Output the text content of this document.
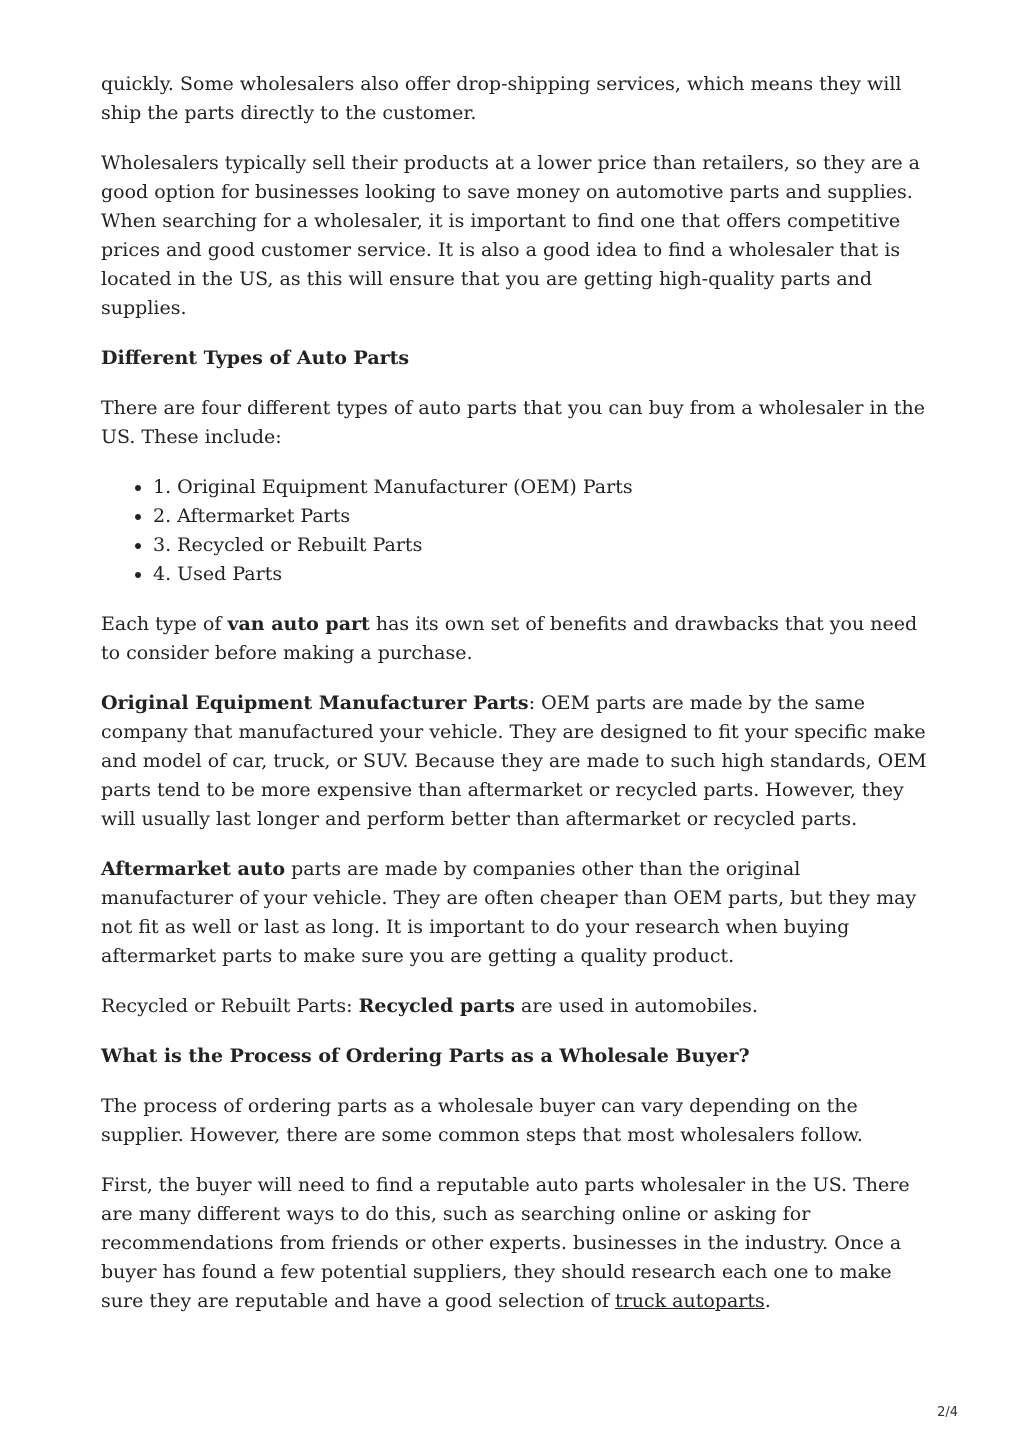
quickly. Some wholesalers also offer drop-shipping services, which means they will ship the parts directly to the customer.

Wholesalers typically sell their products at a lower price than retailers, so they are a good option for businesses looking to save money on automotive parts and supplies. When searching for a wholesaler, it is important to find one that offers competitive prices and good customer service. It is also a good idea to find a wholesaler that is located in the US, as this will ensure that you are getting high-quality parts and supplies.

Different Types of Auto Parts

There are four different types of auto parts that you can buy from a wholesaler in the US. These include:

• 1. Original Equipment Manufacturer (OEM) Parts
• 2. Aftermarket Parts
• 3. Recycled or Rebuilt Parts
• 4. Used Parts

Each type of van auto part has its own set of benefits and drawbacks that you need to consider before making a purchase.

Original Equipment Manufacturer Parts: OEM parts are made by the same company that manufactured your vehicle. They are designed to fit your specific make and model of car, truck, or SUV. Because they are made to such high standards, OEM parts tend to be more expensive than aftermarket or recycled parts. However, they will usually last longer and perform better than aftermarket or recycled parts.

Aftermarket auto parts are made by companies other than the original manufacturer of your vehicle. They are often cheaper than OEM parts, but they may not fit as well or last as long. It is important to do your research when buying aftermarket parts to make sure you are getting a quality product.

Recycled or Rebuilt Parts: Recycled parts are used in automobiles.

What is the Process of Ordering Parts as a Wholesale Buyer?

The process of ordering parts as a wholesale buyer can vary depending on the supplier. However, there are some common steps that most wholesalers follow.

First, the buyer will need to find a reputable auto parts wholesaler in the US. There are many different ways to do this, such as searching online or asking for recommendations from friends or other experts. businesses in the industry. Once a buyer has found a few potential suppliers, they should research each one to make sure they are reputable and have a good selection of truck autoparts.

2/4
